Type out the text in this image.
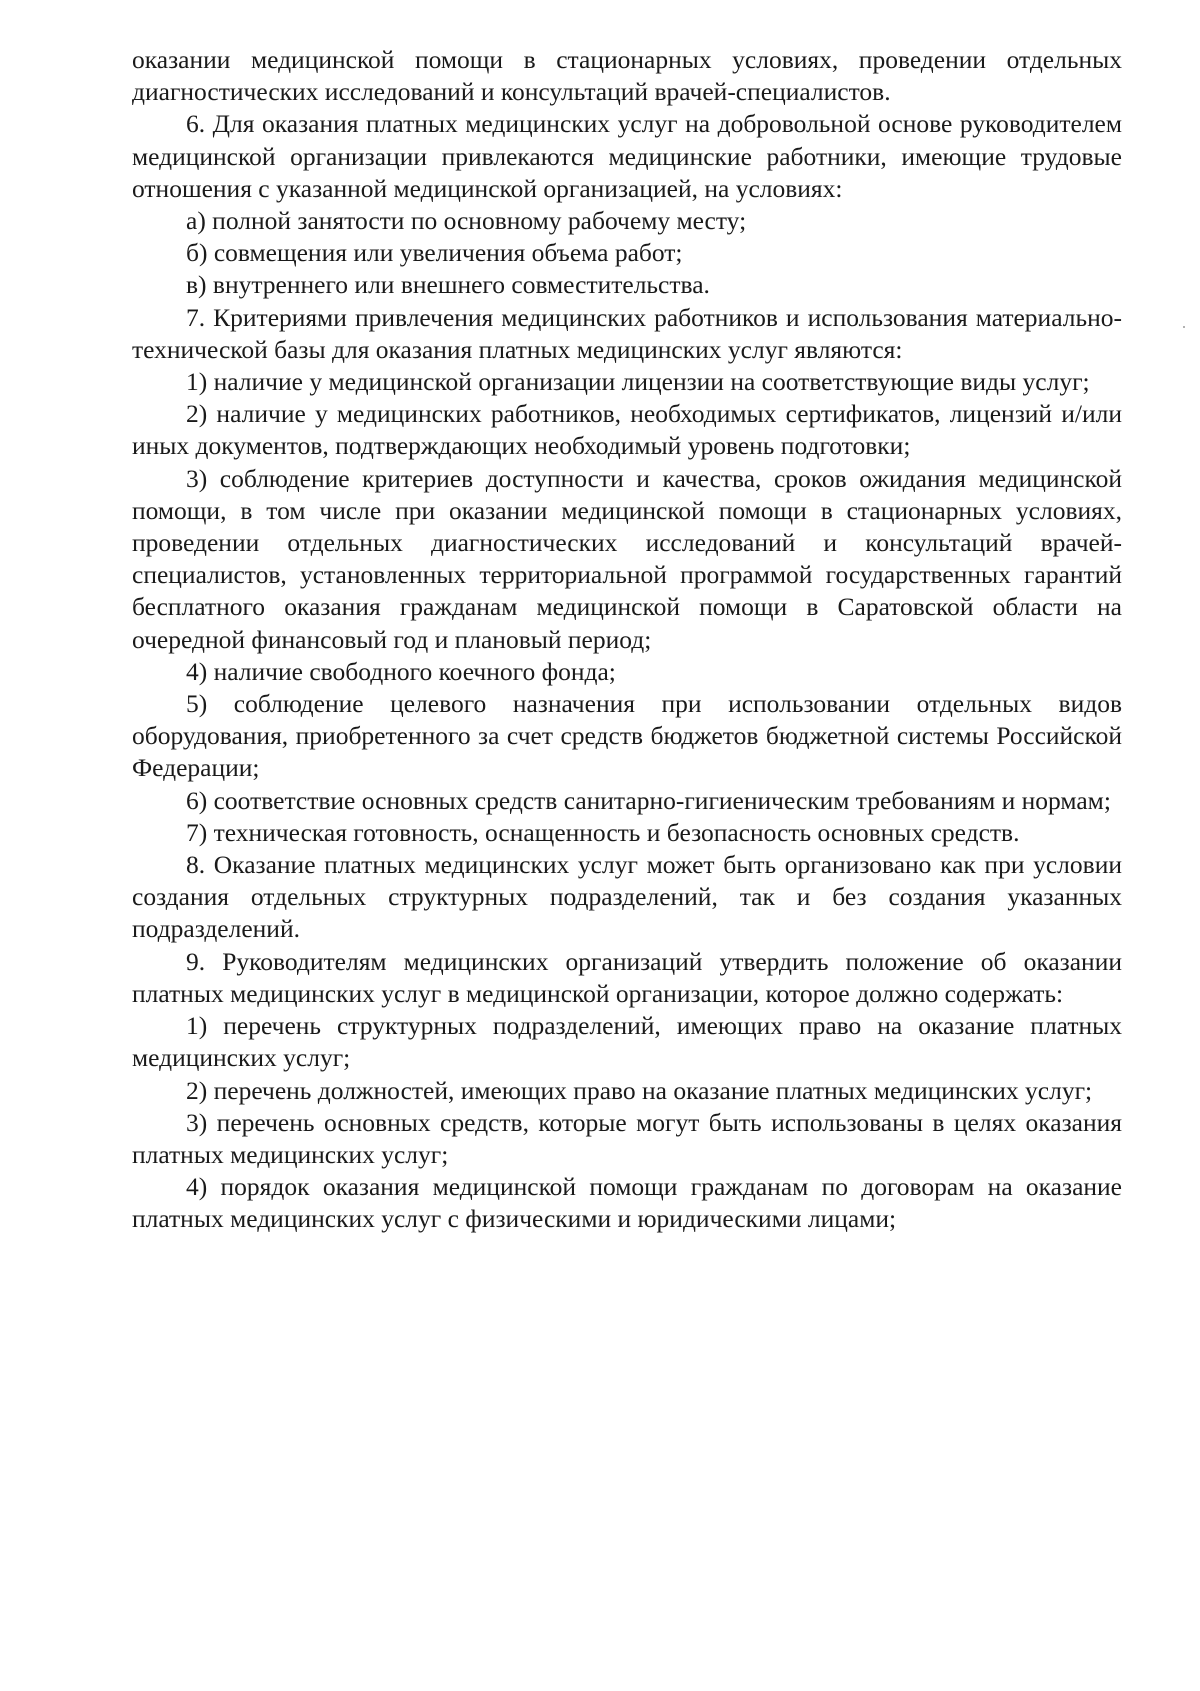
оказании медицинской помощи в стационарных условиях, проведении отдельных диагностических исследований и консультаций врачей-специалистов.

6. Для оказания платных медицинских услуг на добровольной основе руководителем медицинской организации привлекаются медицинские работники, имеющие трудовые отношения с указанной медицинской организацией, на условиях:

а) полной занятости по основному рабочему месту;

б) совмещения или увеличения объема работ;

в) внутреннего или внешнего совместительства.

7. Критериями привлечения медицинских работников и использования материально-технической базы для оказания платных медицинских услуг являются:

1) наличие у медицинской организации лицензии на соответствующие виды услуг;

2) наличие у медицинских работников, необходимых сертификатов, лицензий и/или иных документов, подтверждающих необходимый уровень подготовки;

3) соблюдение критериев доступности и качества, сроков ожидания медицинской помощи, в том числе при оказании медицинской помощи в стационарных условиях, проведении отдельных диагностических исследований и консультаций врачей-специалистов, установленных территориальной программой государственных гарантий бесплатного оказания гражданам медицинской помощи в Саратовской области на очередной финансовый год и плановый период;

4) наличие свободного коечного фонда;

5) соблюдение целевого назначения при использовании отдельных видов оборудования, приобретенного за счет средств бюджетов бюджетной системы Российской Федерации;

6) соответствие основных средств санитарно-гигиеническим требованиям и нормам;

7) техническая готовность, оснащенность и безопасность основных средств.

8. Оказание платных медицинских услуг может быть организовано как при условии создания отдельных структурных подразделений, так и без создания указанных подразделений.

9. Руководителям медицинских организаций утвердить положение об оказании платных медицинских услуг в медицинской организации, которое должно содержать:

1) перечень структурных подразделений, имеющих право на оказание платных медицинских услуг;

2) перечень должностей, имеющих право на оказание платных медицинских услуг;

3) перечень основных средств, которые могут быть использованы в целях оказания платных медицинских услуг;

4) порядок оказания медицинской помощи гражданам по договорам на оказание платных медицинских услуг с физическими и юридическими лицами;
